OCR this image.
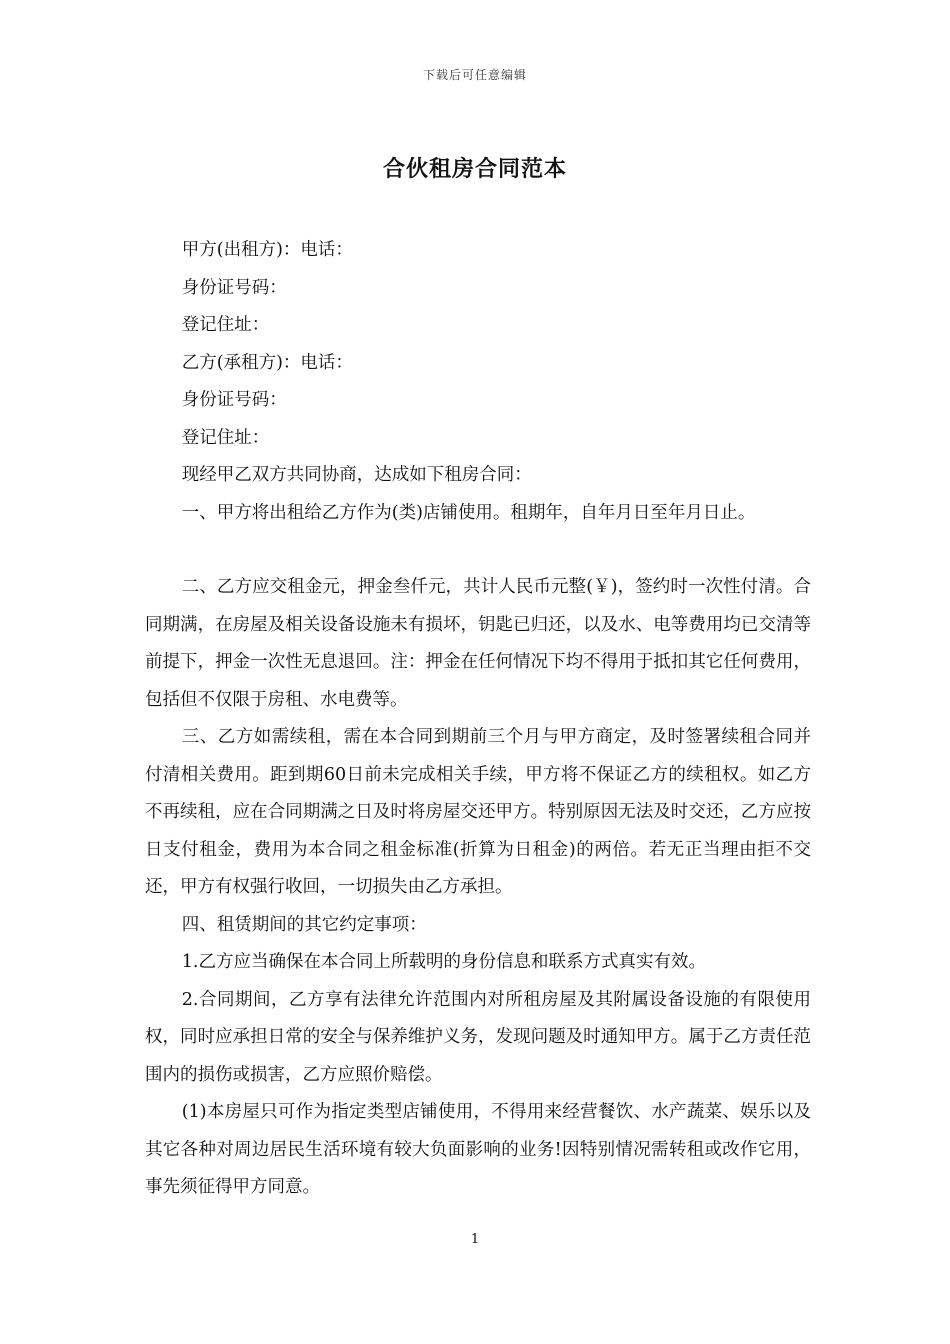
下载后可任意编辑
合伙租房合同范本

甲方(出租方)：电话：

身份证号码：

登记住址：

乙方(承租方)：电话：

身份证号码：

登记住址：

现经甲乙双方共同协商，达成如下租房合同：

一、甲方将出租给乙方作为(类)店铺使用。租期年，自年月日至年月日止。

二、乙方应交租金元，押金叁仟元，共计人民币元整(￥)，签约时一次性付清。合同期满，在房屋及相关设备设施未有损坏，钥匙已归还，以及水、电等费用均已交清等前提下，押金一次性无息退回。注：押金在任何情况下均不得用于抵扣其它任何费用，包括但不仅限于房租、水电费等。

三、乙方如需续租，需在本合同到期前三个月与甲方商定，及时签署续租合同并付清相关费用。距到期60日前未完成相关手续，甲方将不保证乙方的续租权。如乙方不再续租，应在合同期满之日及时将房屋交还甲方。特别原因无法及时交还，乙方应按日支付租金，费用为本合同之租金标准(折算为日租金)的两倍。若无正当理由拒不交还，甲方有权强行收回，一切损失由乙方承担。

四、租赁期间的其它约定事项：

1.乙方应当确保在本合同上所载明的身份信息和联系方式真实有效。

2.合同期间，乙方享有法律允许范围内对所租房屋及其附属设备设施的有限使用权，同时应承担日常的安全与保养维护义务，发现问题及时通知甲方。属于乙方责任范围内的损伤或损害，乙方应照价赔偿。

(1)本房屋只可作为指定类型店铺使用，不得用来经营餐饮、水产蔬菜、娱乐以及其它各种对周边居民生活环境有较大负面影响的业务!因特别情况需转租或改作它用，事先须征得甲方同意。

1
